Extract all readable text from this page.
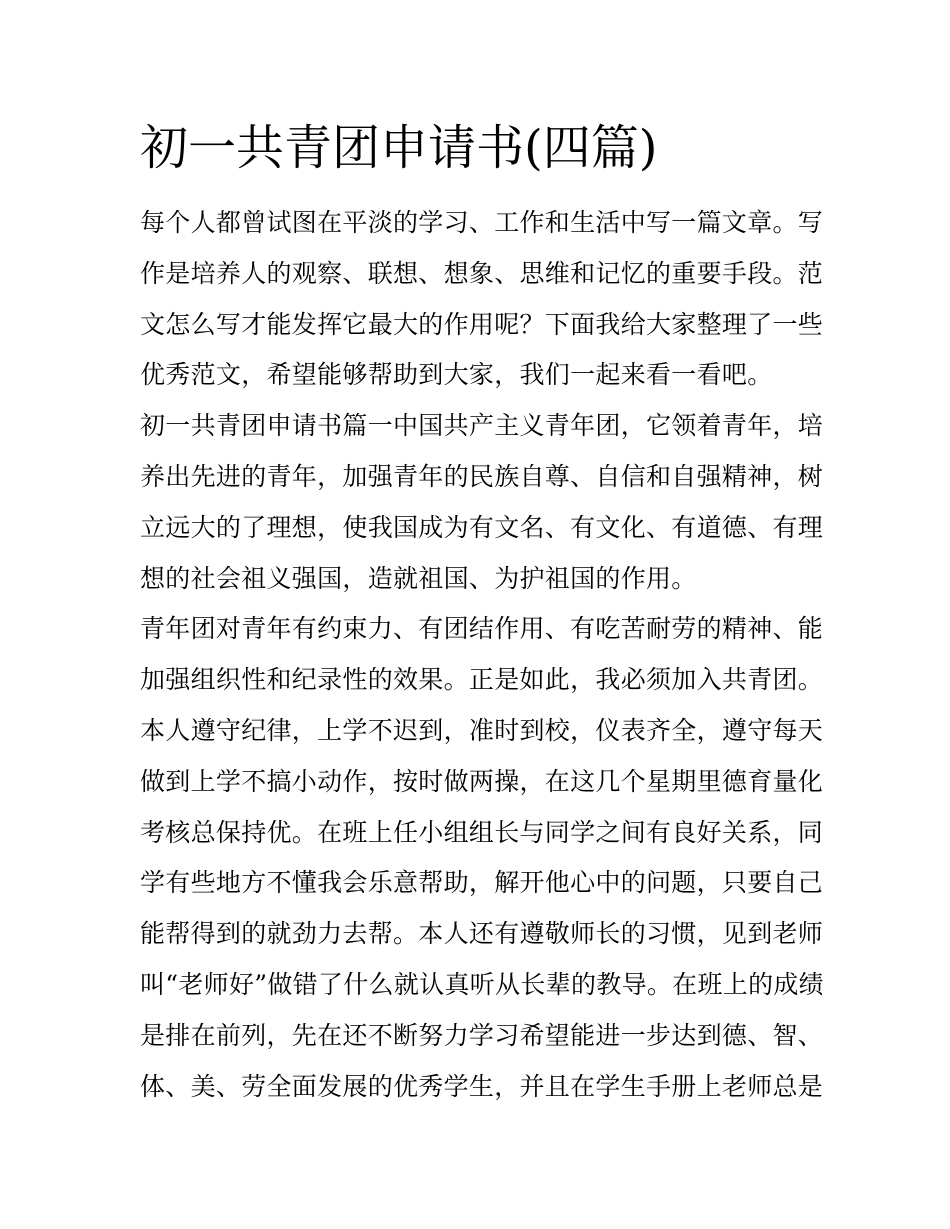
初一共青团申请书(四篇)
每个人都曾试图在平淡的学习、工作和生活中写一篇文章。写
作是培养人的观察、联想、想象、思维和记忆的重要手段。范
文怎么写才能发挥它最大的作用呢？下面我给大家整理了一些
优秀范文，希望能够帮助到大家，我们一起来看一看吧。
初一共青团申请书篇一中国共产主义青年团，它领着青年，培
养出先进的青年，加强青年的民族自尊、自信和自强精神，树
立远大的了理想，使我国成为有文名、有文化、有道德、有理
想的社会祖义强国，造就祖国、为护祖国的作用。
青年团对青年有约束力、有团结作用、有吃苦耐劳的精神、能
加强组织性和纪录性的效果。正是如此，我必须加入共青团。
本人遵守纪律，上学不迟到，准时到校，仪表齐全，遵守每天
做到上学不搞小动作，按时做两操，在这几个星期里德育量化
考核总保持优。在班上任小组组长与同学之间有良好关系，同
学有些地方不懂我会乐意帮助，解开他心中的问题，只要自己
能帮得到的就劲力去帮。本人还有遵敬师长的习惯，见到老师
叫“老师好”做错了什么就认真听从长辈的教导。在班上的成绩
是排在前列，先在还不断努力学习希望能进一步达到德、智、
体、美、劳全面发展的优秀学生，并且在学生手册上老师总是
